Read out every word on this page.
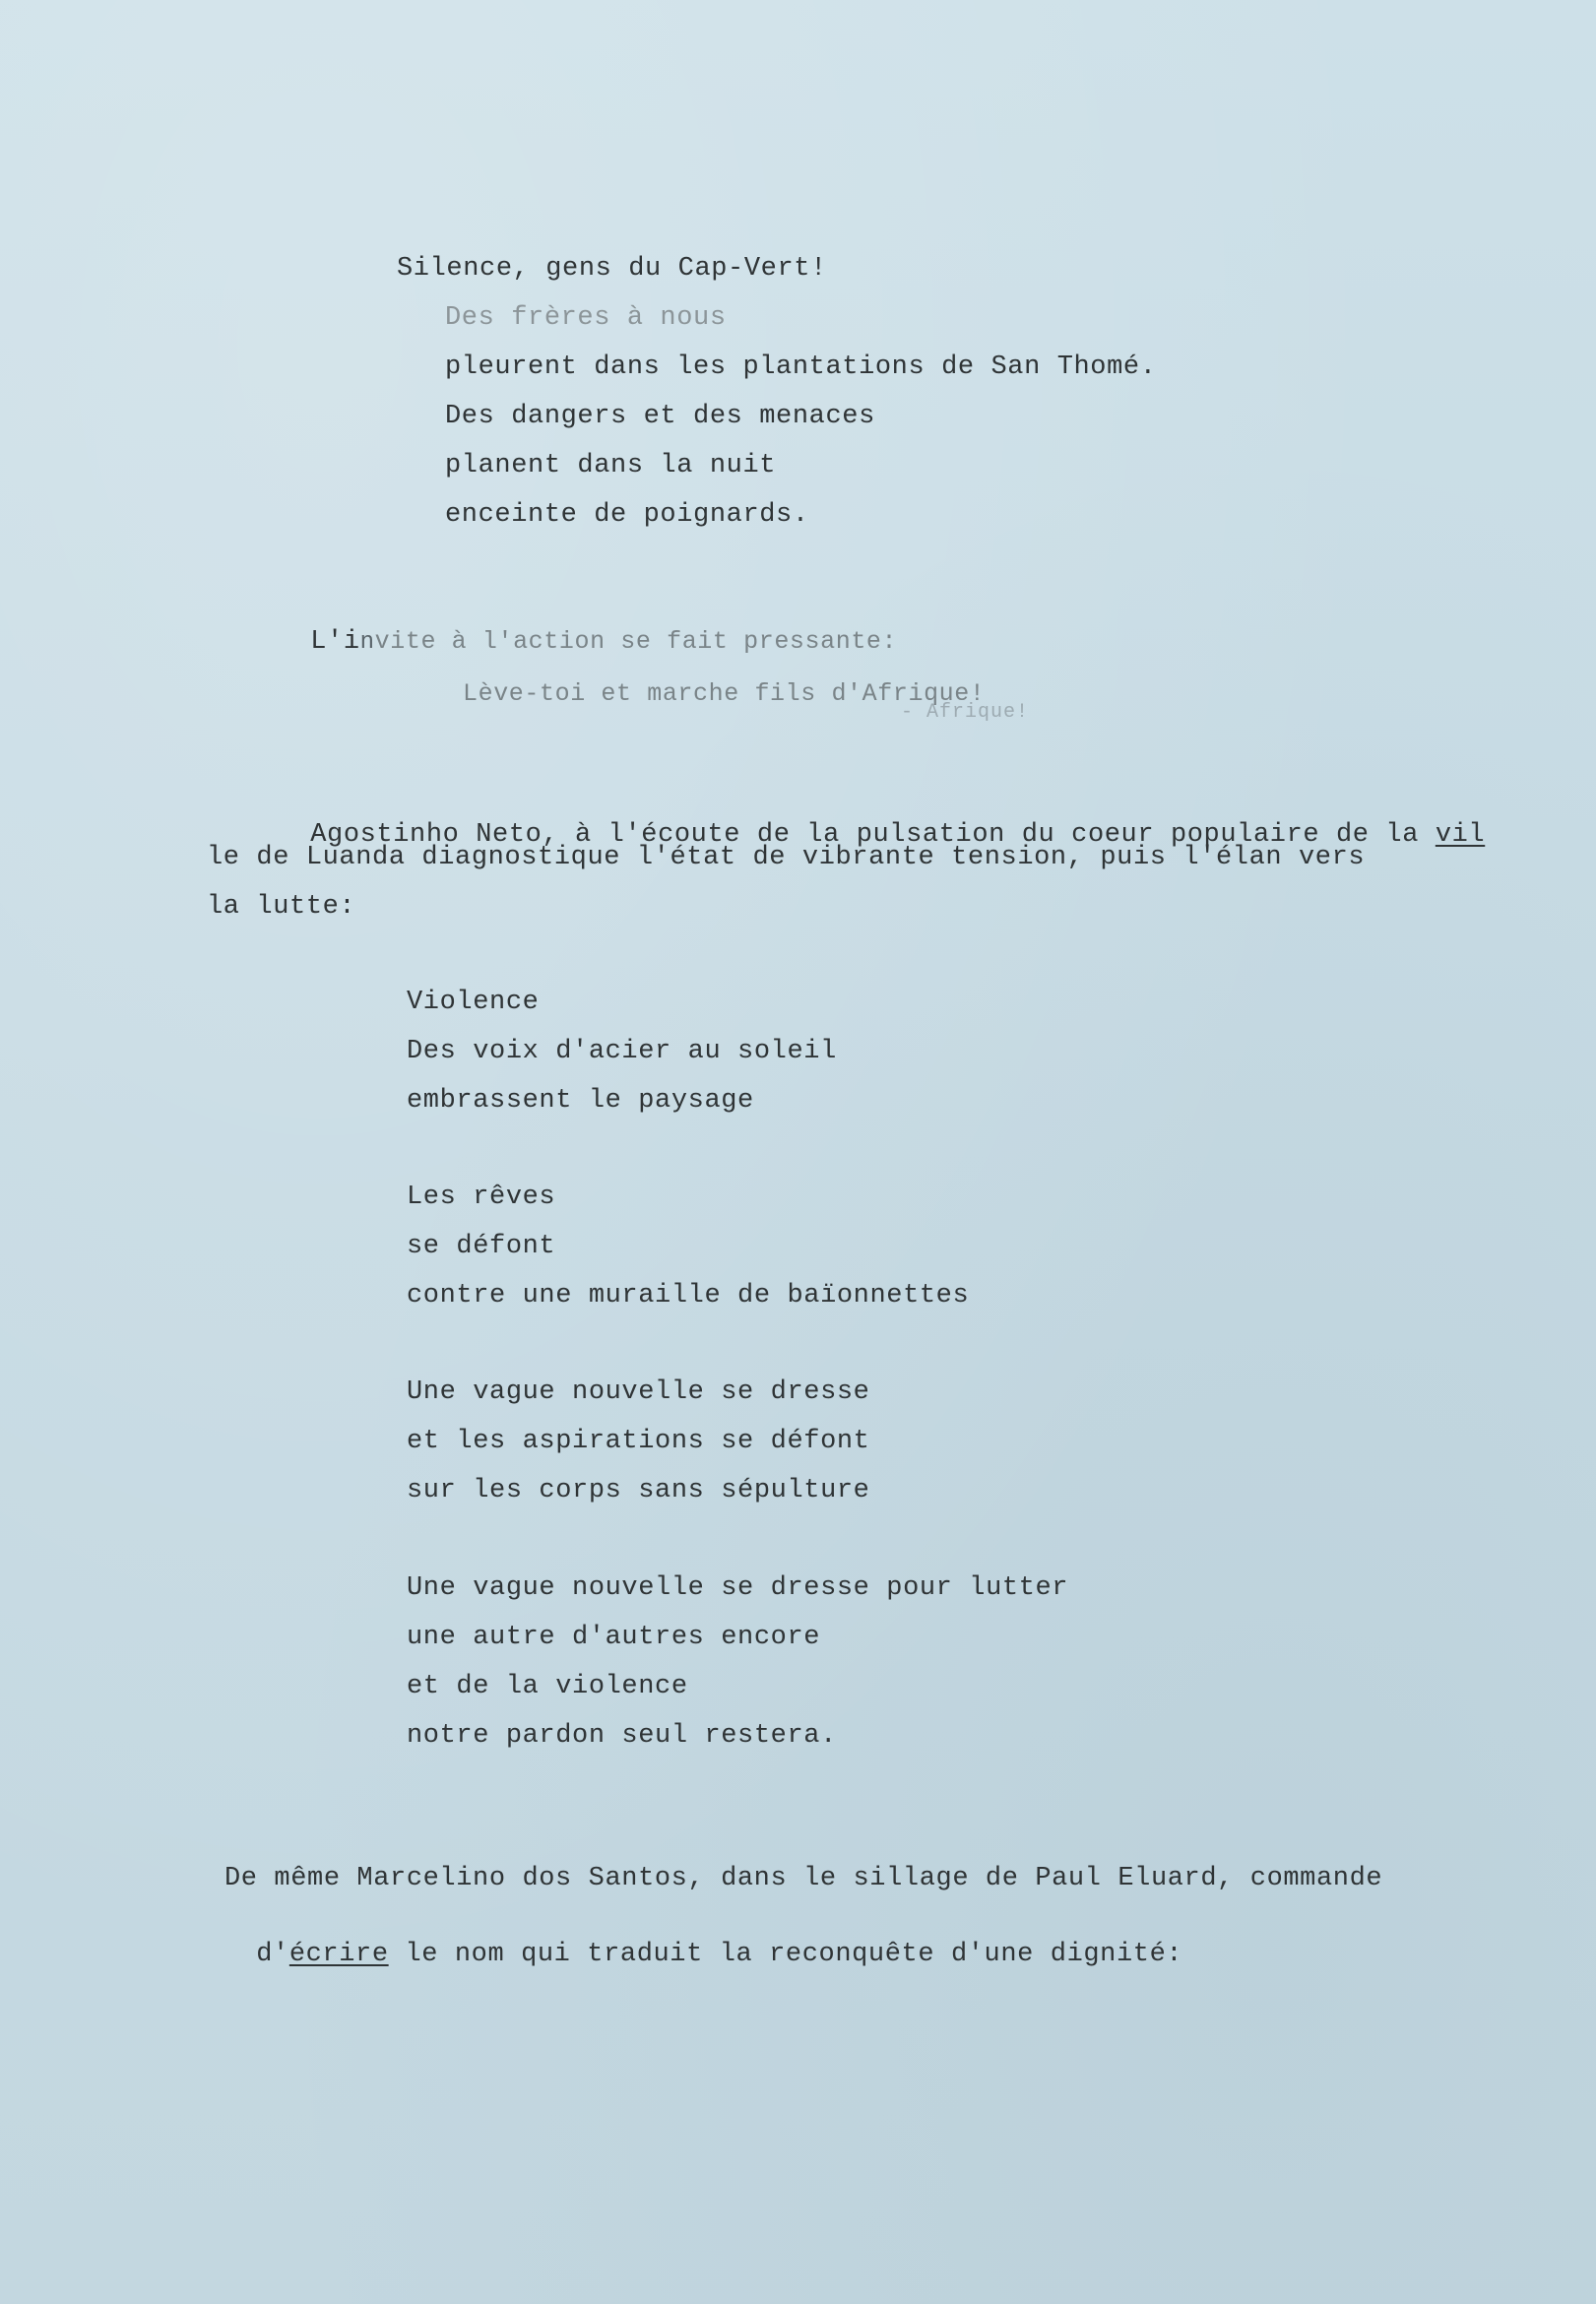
Silence, gens du Cap-Vert!
Des frères à nous
pleurent dans les plantations de San Thomé.
Des dangers et des menaces
planent dans la nuit
enceinte de poignards.

L'invite à l'action se fait pressante:

Lève-toi et marche fils d'Afrique!
- Afrique!

Agostinho Neto, à l'écoute de la pulsation du coeur populaire de la vil

le de Luanda diagnostique l'état de vibrante tension, puis l'élan vers
la lutte:
Violence
Des voix d'acier au soleil
embrassent le paysage
Les rêves
se défont
contre une muraille de baïonnettes
Une vague nouvelle se dresse
et les aspirations se défont
sur les corps sans sépulture
Une vague nouvelle se dresse pour lutter
une autre d'autres encore
et de la violence
notre pardon seul restera.
De même Marcelino dos Santos, dans le sillage de Paul Eluard, commande

d'écrire le nom qui traduit la reconquête d'une dignité:
